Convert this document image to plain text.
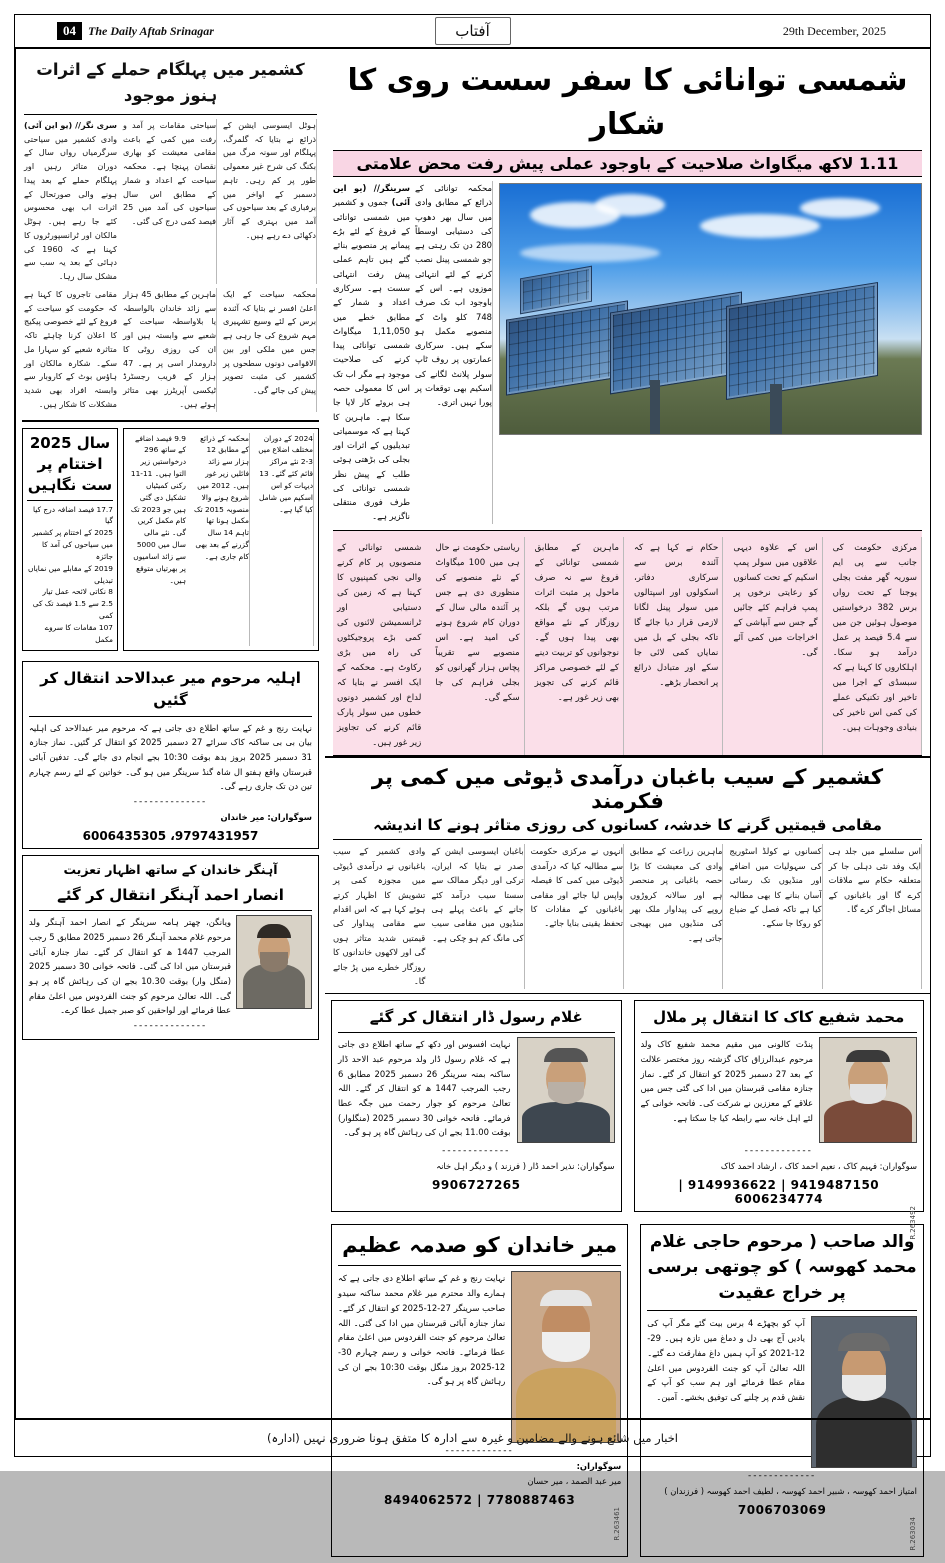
04	The Daily Aftab Srinagar	29th December, 2025
آفتاب
کشمیر میں پہلگام حملے کے اثرات ہنوز موجود
سری نگر// (یو این آئی) وادی کشمیر میں سیاحتی سرگرمیاں رواں سال کے دوران متاثر رہیں اور پہلگام حملے کے بعد پیدا ہونے والی صورتحال کے اثرات اب بھی محسوس کئے جا رہے ہیں۔ ہوٹل مالکان اور ٹرانسپورٹروں کا کہنا ہے کہ 1960 کی دہائی کے بعد یہ سب سے مشکل سال رہا۔
سیاحتی مقامات پر آمد و رفت میں کمی کے باعث مقامی معیشت کو بھاری نقصان پہنچا ہے۔ محکمہ سیاحت کے اعداد و شمار کے مطابق اس سال سیاحوں کی آمد میں 25 فیصد کمی درج کی گئی۔
ہوٹل ایسوسی ایشن کے ذرائع نے بتایا کہ گلمرگ، پہلگام اور سونہ مرگ میں بکنگ کی شرح غیر معمولی طور پر کم رہی۔ تاہم دسمبر کے اواخر میں برفباری کے بعد سیاحوں کی آمد میں بہتری کے آثار دکھائی دے رہے ہیں۔
مقامی تاجروں کا کہنا ہے کہ حکومت کو سیاحت کے فروغ کے لئے خصوصی پیکیج کا اعلان کرنا چاہئے تاکہ متاثرہ شعبے کو سہارا مل سکے۔ شکارہ مالکان اور ہاؤس بوٹ کے کاروبار سے وابستہ افراد بھی شدید مشکلات کا شکار ہیں۔
ماہرین کے مطابق 45 ہزار سے زائد خاندان بالواسطہ یا بلاواسطہ سیاحت کے شعبے سے وابستہ ہیں اور ان کی روزی روٹی کا دارومدار اسی پر ہے۔ 47 ہزار کے قریب رجسٹرڈ ٹیکسی آپریٹرز بھی متاثر ہوئے ہیں۔
محکمہ سیاحت کے ایک اعلیٰ افسر نے بتایا کہ آئندہ برس کے لئے وسیع تشہیری مہم شروع کی جا رہی ہے جس میں ملکی اور بین الاقوامی دونوں سطحوں پر کشمیر کی مثبت تصویر پیش کی جائے گی۔
سال 2025 اختتام پر ست نگاہیں
17.7 فیصد اضافہ درج کیا گیا
2025 کے اختتام پر کشمیر میں سیاحوں کی آمد کا جائزہ
2019 کے مقابلے میں نمایاں تبدیلی
8 نکاتی لائحہ عمل تیار
2.5 سے 1.5 فیصد تک کی کمی
107 مقامات کا سروے مکمل
9.9 فیصد اضافے کے ساتھ 296 درخواستیں زیر التوا ہیں۔ 11-11 رکنی کمیٹیاں تشکیل دی گئی ہیں جو 2023 تک کام مکمل کریں گی۔ نئے مالی سال میں 5000 سے زائد اسامیوں پر بھرتیاں متوقع ہیں۔
محکمہ کے ذرائع کے مطابق 12 ہزار سے زائد فائلیں زیر غور ہیں۔ 2012 میں شروع ہونے والا منصوبہ 2015 تک مکمل ہونا تھا تاہم 14 سال گزرنے کے بعد بھی کام جاری ہے۔
2024 کے دوران مختلف اضلاع میں 3-2 نئے مراکز قائم کئے گئے۔ 13 دیہات کو اس اسکیم میں شامل کیا گیا ہے۔
اہلیہ مرحوم میر عبدالاحد انتقال کر گئیں
نہایت رنج و غم کے ساتھ اطلاع دی جاتی ہے کہ مرحوم میر عبدالاحد کی اہلیہ بیان بی بی ساکنہ کاک سرائے 27 دسمبر 2025 کو انتقال کر گئیں۔ نماز جنازہ 31 دسمبر 2025 بروز بدھ بوقت 10:30 بجے انجام دی جائے گی۔ تدفین آبائی قبرستان واقع ہفتو ال شاہ گنڈ سرینگر میں ہو گی۔ خواتین کے لئے رسم چہارم تین دن تک جاری رہے گی۔
--------------
سوگواران: میر خاندان
9797431957، 6006435305
آہنگر خاندان کے ساتھ اظہار تعزیت
انصار احمد آہنگر انتقال کر گئے
ویانگن، چھتر ہامہ سرینگر کے انصار احمد آہنگر ولد مرحوم غلام محمد آہنگر 26 دسمبر 2025 مطابق 5 رجب المرجب 1447 ھ کو انتقال کر گئے۔ نماز جنازہ آبائی قبرستان میں ادا کی گئی۔ فاتحہ خوانی 30 دسمبر 2025 (منگل وار) بوقت 10.30 بجے ان کی رہائش گاہ پر ہو گی۔ اللہ تعالیٰ مرحوم کو جنت الفردوس میں اعلیٰ مقام عطا فرمائے اور لواحقین کو صبر جمیل عطا کرے۔
--------------
شمسی توانائی کا سفر سست روی کا شکار
1.11 لاکھ میگاواٹ صلاحیت کے باوجود عملی پیش رفت محض علامتی
سرینگر// (یو این آئی) جموں و کشمیر میں شمسی توانائی کے فروغ کے لئے بڑے پیمانے پر منصوبے بنائے گئے ہیں تاہم عملی پیش رفت انتہائی سست ہے۔ سرکاری اعداد و شمار کے مطابق خطے میں 1,11,050 میگاواٹ شمسی توانائی پیدا کرنے کی صلاحیت موجود ہے مگر اب تک اس کا معمولی حصہ ہی بروئے کار لایا جا سکا ہے۔ ماہرین کا کہنا ہے کہ موسمیاتی تبدیلیوں کے اثرات اور بجلی کی بڑھتی ہوئی طلب کے پیش نظر شمسی توانائی کی طرف فوری منتقلی ناگزیر ہے۔
محکمہ توانائی کے ذرائع کے مطابق وادی میں سال بھر دھوپ کی دستیابی اوسطاً 280 دن تک رہتی ہے جو شمسی پینل نصب کرنے کے لئے انتہائی موزوں ہے۔ اس کے باوجود اب تک صرف 748 کلو واٹ کے منصوبے مکمل ہو سکے ہیں۔ سرکاری عمارتوں پر روف ٹاپ سولر پلانٹ لگانے کی اسکیم بھی توقعات پر پورا نہیں اتری۔
شمسی توانائی کے منصوبوں پر کام کرنے والی نجی کمپنیوں کا کہنا ہے کہ زمین کی دستیابی اور ٹرانسمیشن لائنوں کی کمی بڑے پروجیکٹوں کی راہ میں بڑی رکاوٹ ہے۔ محکمہ کے ایک افسر نے بتایا کہ لداخ اور کشمیر دونوں خطوں میں سولر پارک قائم کرنے کی تجاویز زیر غور ہیں۔
ریاستی حکومت نے حال ہی میں 100 میگاواٹ کے نئے منصوبے کی منظوری دی ہے جس پر آئندہ مالی سال کے دوران کام شروع ہونے کی امید ہے۔ اس منصوبے سے تقریباً پچاس ہزار گھرانوں کو بجلی فراہم کی جا سکے گی۔
ماہرین کے مطابق شمسی توانائی کے فروغ سے نہ صرف ماحول پر مثبت اثرات مرتب ہوں گے بلکہ روزگار کے نئے مواقع بھی پیدا ہوں گے۔ نوجوانوں کو تربیت دینے کے لئے خصوصی مراکز قائم کرنے کی تجویز بھی زیر غور ہے۔
حکام نے کہا ہے کہ آئندہ برس سے سرکاری دفاتر، اسکولوں اور اسپتالوں میں سولر پینل لگانا لازمی قرار دیا جائے گا تاکہ بجلی کے بل میں نمایاں کمی لائی جا سکے اور متبادل ذرائع پر انحصار بڑھے۔
اس کے علاوہ دیہی علاقوں میں سولر پمپ اسکیم کے تحت کسانوں کو رعایتی نرخوں پر پمپ فراہم کئے جائیں گے جس سے آبپاشی کے اخراجات میں کمی آئے گی۔
مرکزی حکومت کی جانب سے پی ایم سوریہ گھر مفت بجلی یوجنا کے تحت رواں برس 382 درخواستیں موصول ہوئیں جن میں سے 5.4 فیصد پر عمل درآمد ہو سکا۔ اہلکاروں کا کہنا ہے کہ سبسڈی کے اجرا میں تاخیر اور تکنیکی عملے کی کمی اس تاخیر کی بنیادی وجوہات ہیں۔
کشمیر کے سیب باغبان درآمدی ڈیوٹی میں کمی پر فکرمند
مقامی قیمتیں گرنے کا خدشہ، کسانوں کی روزی متاثر ہونے کا اندیشہ
وادی کشمیر کے سیب باغبانوں نے درآمدی ڈیوٹی میں مجوزہ کمی پر تشویش کا اظہار کرتے ہوئے کہا ہے کہ اس اقدام سے مقامی پیداوار کی قیمتیں شدید متاثر ہوں گی اور لاکھوں خاندانوں کا روزگار خطرے میں پڑ جائے گا۔
باغبان ایسوسی ایشن کے صدر نے بتایا کہ ایران، ترکی اور دیگر ممالک سے سستا سیب درآمد کئے جانے کے باعث پہلے ہی منڈیوں میں مقامی سیب کی مانگ کم ہو چکی ہے۔
انہوں نے مرکزی حکومت سے مطالبہ کیا کہ درآمدی ڈیوٹی میں کمی کا فیصلہ واپس لیا جائے اور مقامی باغبانوں کے مفادات کا تحفظ یقینی بنایا جائے۔
ماہرین زراعت کے مطابق وادی کی معیشت کا بڑا حصہ باغبانی پر منحصر ہے اور سالانہ کروڑوں روپے کی پیداوار ملک بھر کی منڈیوں میں بھیجی جاتی ہے۔
کسانوں نے کولڈ اسٹوریج کی سہولیات میں اضافے اور منڈیوں تک رسائی آسان بنانے کا بھی مطالبہ کیا ہے تاکہ فصل کے ضیاع کو روکا جا سکے۔
اس سلسلے میں جلد ہی ایک وفد نئی دہلی جا کر متعلقہ حکام سے ملاقات کرے گا اور باغبانوں کے مسائل اجاگر کرے گا۔
غلام رسول ڈار انتقال کر گئے
نہایت افسوس اور دکھ کے ساتھ اطلاع دی جاتی ہے کہ غلام رسول ڈار ولد مرحوم عبد الاحد ڈار ساکنہ بمنہ سرینگر 26 دسمبر 2025 مطابق 6 رجب المرجب 1447 ھ کو انتقال کر گئے۔ اللہ تعالیٰ مرحوم کو جوار رحمت میں جگہ عطا فرمائے۔ فاتحہ خوانی 30 دسمبر 2025 (منگلوار) بوقت 11.00 بجے ان کی رہائش گاہ پر ہو گی۔
-------------
سوگواران: نذیر احمد ڈار ( فرزند ) و دیگر اہل خانہ
9906727265
محمد شفیع کاک کا انتقال پر ملال
پنڈت کالونی میں مقیم محمد شفیع کاک ولد مرحوم عبدالرزاق کاک گزشتہ روز مختصر علالت کے بعد 27 دسمبر 2025 کو انتقال کر گئے۔ نماز جنازہ مقامی قبرستان میں ادا کی گئی جس میں علاقے کے معززین نے شرکت کی۔ فاتحہ خوانی کے لئے اہل خانہ سے رابطہ کیا جا سکتا ہے۔
-------------
سوگواران: فہیم کاک ، نعیم احمد کاک ، ارشاد احمد کاک
9419487150 | 9149936622 | 6006234774
R.263492
میر خاندان کو صدمہ عظیم
نہایت رنج و غم کے ساتھ اطلاع دی جاتی ہے کہ ہمارے والد محترم میر غلام محمد ساکنہ سیدو صاحب سرینگر 27-12-2025 کو انتقال کر گئے۔ نماز جنازہ آبائی قبرستان میں ادا کی گئی۔ اللہ تعالیٰ مرحوم کو جنت الفردوس میں اعلیٰ مقام عطا فرمائے۔ فاتحہ خوانی و رسم چہارم 30-12-2025 بروز منگل بوقت 10:30 بجے ان کی رہائش گاہ پر ہو گی۔
-------------
سوگواران:
میر عبد الصمد ، میر حسان
7780887463 | 8494062572
R.263461
والد صاحب ( مرحوم حاجی غلام محمد کھوسہ ) کو چوتھی برسی پر خراج عقیدت
آپ کو بچھڑے 4 برس بیت گئے مگر آپ کی یادیں آج بھی دل و دماغ میں تازہ ہیں۔ 29-12-2021 کو آپ ہمیں داغ مفارقت دے گئے۔ اللہ تعالیٰ آپ کو جنت الفردوس میں اعلیٰ مقام عطا فرمائے اور ہم سب کو آپ کے نقش قدم پر چلنے کی توفیق بخشے۔ آمین۔
-------------
امتیاز احمد کھوسہ ، شبیر احمد کھوسہ ، لطیف احمد کھوسہ ( فرزندان )
7006703069
R.263034
اخبار میں شائع ہونے والے مضامین و غیرہ سے ادارہ کا متفق ہونا ضروری نہیں (ادارہ)
